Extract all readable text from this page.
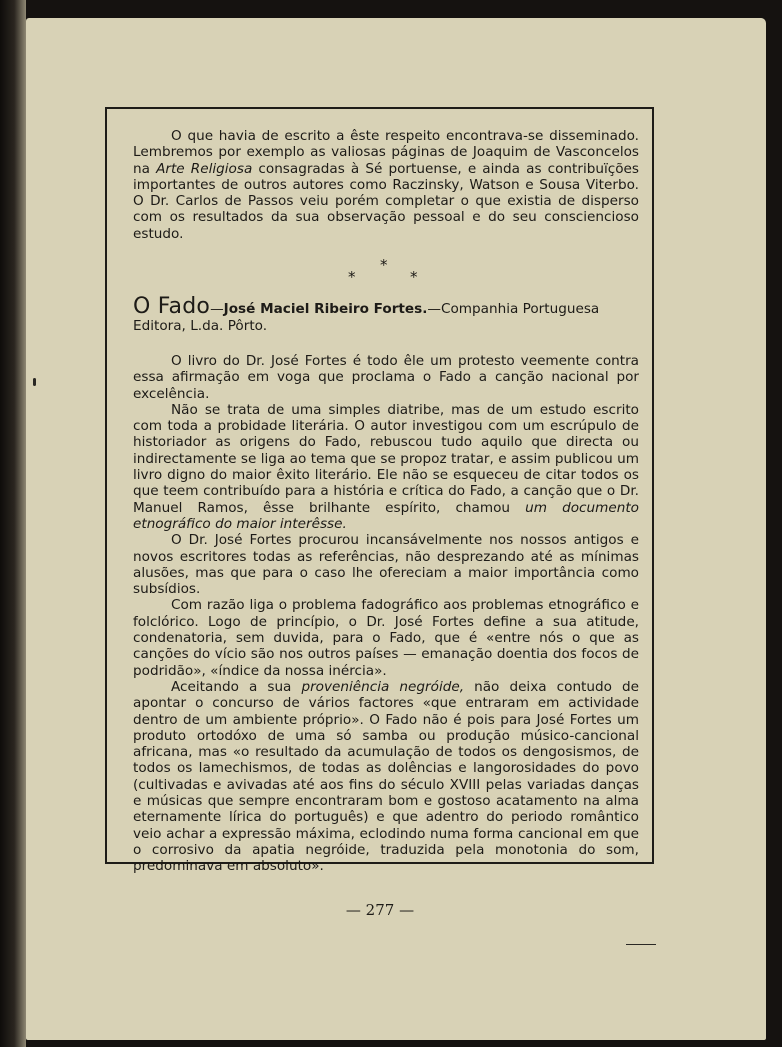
O que havia de escrito a êste respeito encontrava-se disseminado. Lembremos por exemplo as valiosas páginas de Joaquim de Vasconcelos na Arte Religiosa consagradas à Sé portuense, e ainda as contribuïções importantes de outros autores como Raczinsky, Watson e Sousa Viterbo. O Dr. Carlos de Passos veiu porém completar o que existia de disperso com os resultados da sua observação pessoal e do seu consciencioso estudo.

*
*	*
O Fado—José Maciel Ribeiro Fortes.—Companhia Portuguesa Editora, L.da. Pôrto.

O livro do Dr. José Fortes é todo êle um protesto veemente contra essa afirmação em voga que proclama o Fado a canção nacional por excelência.

Não se trata de uma simples diatribe, mas de um estudo escrito com toda a probidade literária. O autor investigou com um escrúpulo de historiador as origens do Fado, rebuscou tudo aquilo que directa ou indirectamente se liga ao tema que se propoz tratar, e assim publicou um livro digno do maior êxito literário. Ele não se esqueceu de citar todos os que teem contribuído para a história e crítica do Fado, a canção que o Dr. Manuel Ramos, êsse brilhante espírito, chamou um documento etnográfico do maior interêsse.

O Dr. José Fortes procurou incansávelmente nos nossos antigos e novos escritores todas as referências, não desprezando até as mínimas alusões, mas que para o caso lhe ofereciam a maior importância como subsídios.

Com razão liga o problema fadográfico aos problemas etnográfico e folclórico. Logo de princípio, o Dr. José Fortes define a sua atitude, condenatoria, sem duvida, para o Fado, que é «entre nós o que as canções do vício são nos outros países — emanação doentia dos focos de podridão», «índice da nossa inércia».

Aceitando a sua proveniência negróide, não deixa contudo de apontar o concurso de vários factores «que entraram em actividade dentro de um ambiente próprio». O Fado não é pois para José Fortes um produto ortodóxo de uma só samba ou produção músico-cancional africana, mas «o resultado da acumulação de todos os dengosismos, de todos os lamechismos, de todas as dolências e langorosidades do povo (cultivadas e avivadas até aos fins do século XVIII pelas variadas danças e músicas que sempre encontraram bom e gostoso acatamento na alma eternamente lírica do português) e que adentro do periodo romântico veio achar a expressão máxima, eclodindo numa forma cancional em que o corrosivo da apatia negróide, traduzida pela monotonia do som, predominava em absoluto».

— 277 —
